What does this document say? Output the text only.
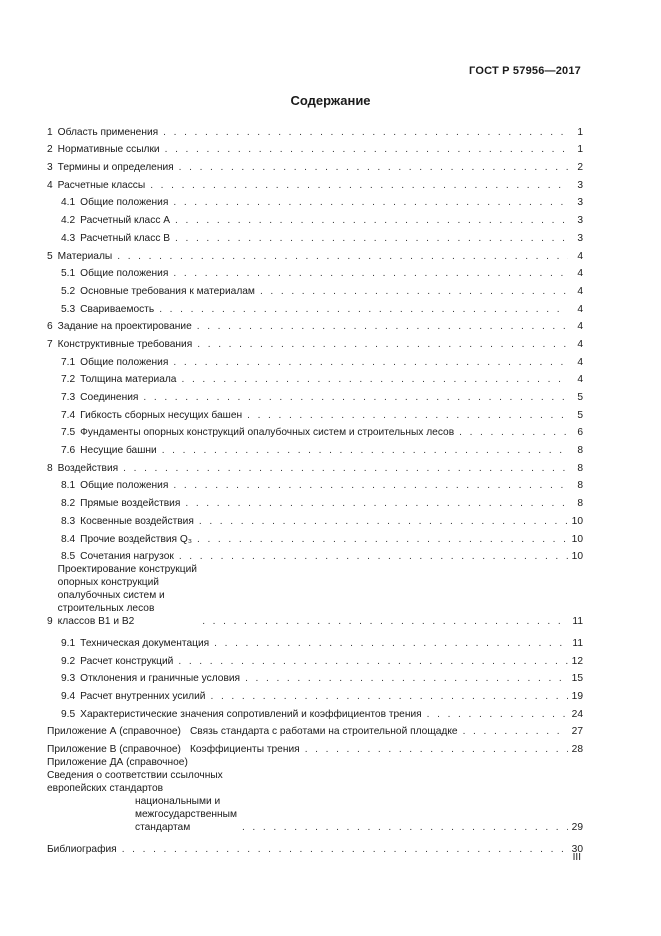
ГОСТ Р 57956—2017
Содержание
1 Область применения . . .	1
2 Нормативные ссылки . . .	1
3 Термины и определения . . .	2
4 Расчетные классы . . .	3
4.1 Общие положения . . .	3
4.2 Расчетный класс А . . .	3
4.3 Расчетный класс В . . .	3
5 Материалы . . .	4
5.1 Общие положения . . .	4
5.2 Основные требования к материалам . . .	4
5.3 Свариваемость . . .	4
6 Задание на проектирование . . .	4
7 Конструктивные требования . . .	4
7.1 Общие положения . . .	4
7.2 Толщина материала . . .	4
7.3 Соединения . . .	5
7.4 Гибкость сборных несущих башен . . .	5
7.5 Фундаменты опорных конструкций опалубочных систем и строительных лесов . . .	6
7.6 Несущие башни . . .	8
8 Воздействия . . .	8
8.1 Общие положения . . .	8
8.2 Прямые воздействия . . .	8
8.3 Косвенные воздействия . . .	10
8.4 Прочие воздействия Q₃ . . .	10
8.5 Сочетания нагрузок . . .	10
9
Проектирование конструкций опорных конструкций опалубочных систем и строительных лесов
классов В1 и В2 . . .	11
9.1 Техническая документация . . .	11
9.2 Расчет конструкций . . .	12
9.3 Отклонения и граничные условия . . .	15
9.4 Расчет внутренних усилий . . .	19
9.5 Характеристические значения сопротивлений и коэффициентов трения . . .	24
Приложение А (справочное) Связь стандарта с работами на строительной площадке . . .	27
Приложение В (справочное) Коэффициенты трения . . .	28
Приложение ДА (справочное) Сведения о соответствии ссылочных европейских стандартов
национальными и межгосударственным стандартам . . .	29
Библиография . . .	30
III
